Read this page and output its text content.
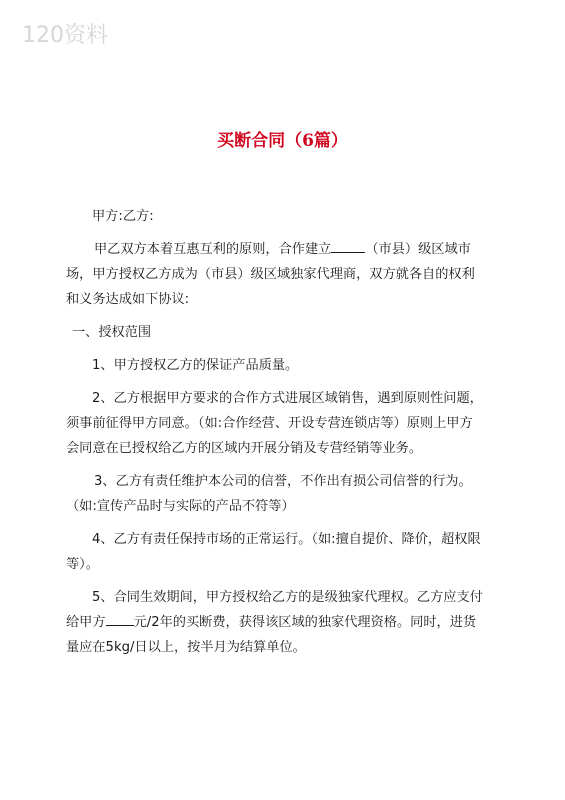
120资料
买断合同（6篇）
甲方:乙方:
甲乙双方本着互惠互利的原则，合作建立	（市县）级区域市
场，甲方授权乙方成为（市县）级区域独家代理商，双方就各自的权利
和义务达成如下协议:
一、授权范围
1、甲方授权乙方的保证产品质量。
2、乙方根据甲方要求的合作方式进展区域销售，遇到原则性问题，
须事前征得甲方同意。（如:合作经营、开设专营连锁店等）原则上甲方
会同意在已授权给乙方的区域内开展分销及专营经销等业务。
3、乙方有责任维护本公司的信誉，不作出有损公司信誉的行为。
（如:宣传产品时与实际的产品不符等）
4、乙方有责任保持市场的正常运行。（如:擅自提价、降价，超权限
等）。
5、合同生效期间，甲方授权给乙方的是级独家代理权。乙方应支付
给甲方 元/2年的买断费，获得该区域的独家代理资格。同时，进货
量应在5kg/日以上，按半月为结算单位。
